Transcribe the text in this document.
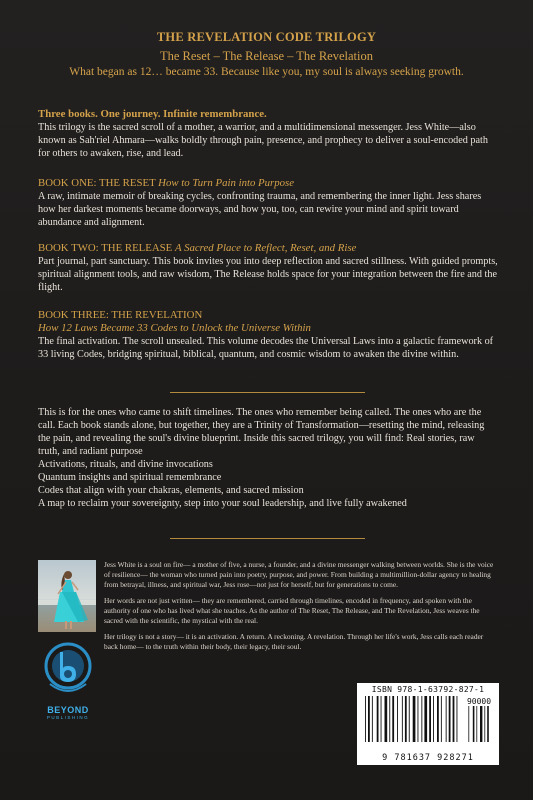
THE REVELATION CODE TRILOGY
The Reset – The Release – The Revelation
What began as 12… became 33. Because like you, my soul is always seeking growth.

Three books. One journey. Infinite remembrance.

This trilogy is the sacred scroll of a mother, a warrior, and a multidimensional messenger. Jess White—also known as Sah'riel Ahmara—walks boldly through pain, presence, and prophecy to deliver a soul-encoded path for others to awaken, rise, and lead.

BOOK ONE: THE RESET How to Turn Pain into Purpose

A raw, intimate memoir of breaking cycles, confronting trauma, and remembering the inner light. Jess shares how her darkest moments became doorways, and how you, too, can rewire your mind and spirit toward abundance and alignment.

BOOK TWO: THE RELEASE A Sacred Place to Reflect, Reset, and Rise

Part journal, part sanctuary. This book invites you into deep reflection and sacred stillness. With guided prompts, spiritual alignment tools, and raw wisdom, The Release holds space for your integration between the fire and the flight.

BOOK THREE: THE REVELATION

How 12 Laws Became 33 Codes to Unlock the Universe Within

The final activation. The scroll unsealed. This volume decodes the Universal Laws into a galactic framework of 33 living Codes, bridging spiritual, biblical, quantum, and cosmic wisdom to awaken the divine within.

This is for the ones who came to shift timelines. The ones who remember being called. The ones who are the call. Each book stands alone, but together, they are a Trinity of Transformation—resetting the mind, releasing the pain, and revealing the soul's divine blueprint. Inside this sacred trilogy, you will find: Real stories, raw truth, and radiant purpose

Activations, rituals, and divine invocations

Quantum insights and spiritual remembrance

Codes that align with your chakras, elements, and sacred mission

A map to reclaim your sovereignty, step into your soul leadership, and live fully awakened

Jess White is a soul on fire— a mother of five, a nurse, a founder, and a divine messenger walking between worlds. She is the voice of resilience— the woman who turned pain into poetry, purpose, and power. From building a multimillion-dollar agency to healing from betrayal, illness, and spiritual war, Jess rose—not just for herself, but for generations to come.

Her words are not just written— they are remembered, carried through timelines, encoded in frequency, and spoken with the authority of one who has lived what she teaches. As the author of The Reset, The Release, and The Revelation, Jess weaves the sacred with the scientific, the mystical with the real.

Her trilogy is not a story— it is an activation. A return. A reckoning. A revelation. Through her life's work, Jess calls each reader back home— to the truth within their body, their legacy, their soul.

BEYOND
PUBLISHING
ISBN 978-1-63792-827-1
90000
9 781637 928271
